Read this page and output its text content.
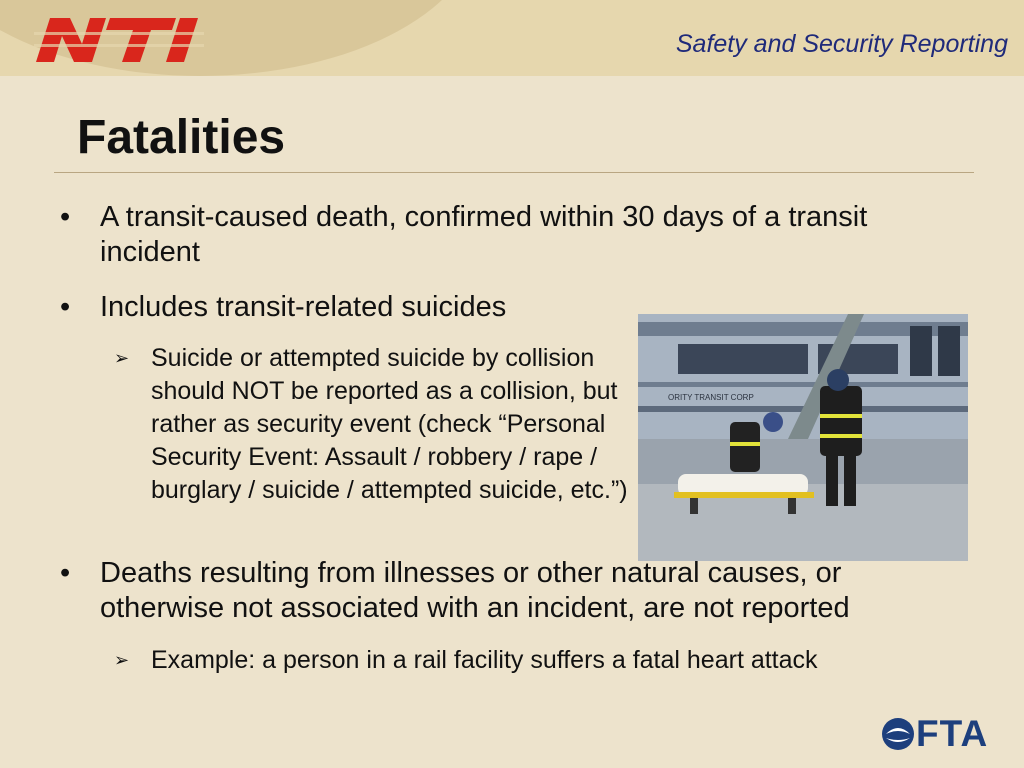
Safety and Security Reporting
Fatalities
• A transit-caused death, confirmed within 30 days of a transit incident
• Includes transit-related suicides
➢ Suicide or attempted suicide by collision should NOT be reported as a collision, but rather as security event (check “Personal Security Event: Assault / robbery / rape / burglary / suicide / attempted suicide, etc.”)
ORITY TRANSIT CORP
• Deaths resulting from illnesses or other natural causes, or otherwise not associated with an incident, are not reported
➢ Example: a person in a rail facility suffers a fatal heart attack
FTA
